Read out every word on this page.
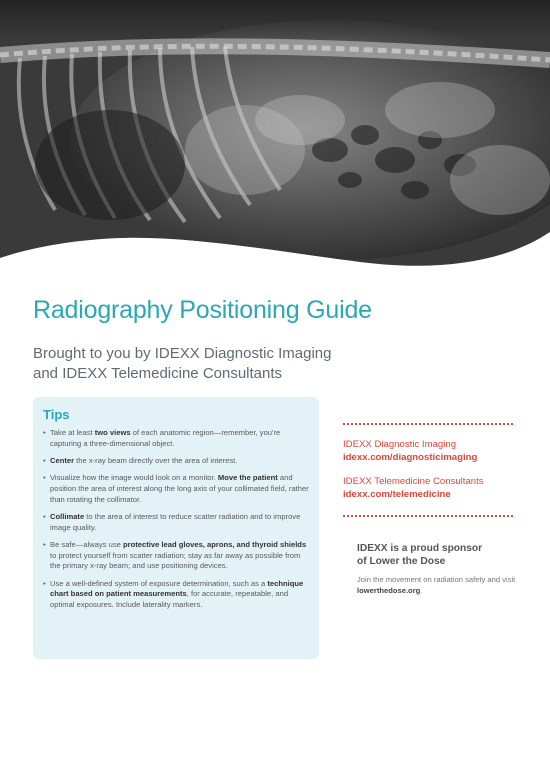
Radiography Positioning Guide
Brought to you by IDEXX Diagnostic Imaging
and IDEXX Telemedicine Consultants
Tips
• Take at least two views of each anatomic region—remember, you're capturing a three-dimensional object.
• Center the x-ray beam directly over the area of interest.
• Visualize how the image would look on a monitor. Move the patient and position the area of interest along the long axis of your collimated field, rather than rotating the collimator.
• Collimate to the area of interest to reduce scatter radiation and to improve image quality.
• Be safe—always use protective lead gloves, aprons, and thyroid shields to protect yourself from scatter radiation; stay as far away as possible from the primary x-ray beam; and use positioning devices.
• Use a well-defined system of exposure determination, such as a technique chart based on patient measurements, for accurate, repeatable, and optimal exposures. Include laterality markers.
IDEXX Diagnostic Imaging
idexx.com/diagnosticimaging
IDEXX Telemedicine Consultants
idexx.com/telemedicine
IDEXX is a proud sponsor
of Lower the Dose
Join the movement on radiation safety and visit lowerthedose.org.
